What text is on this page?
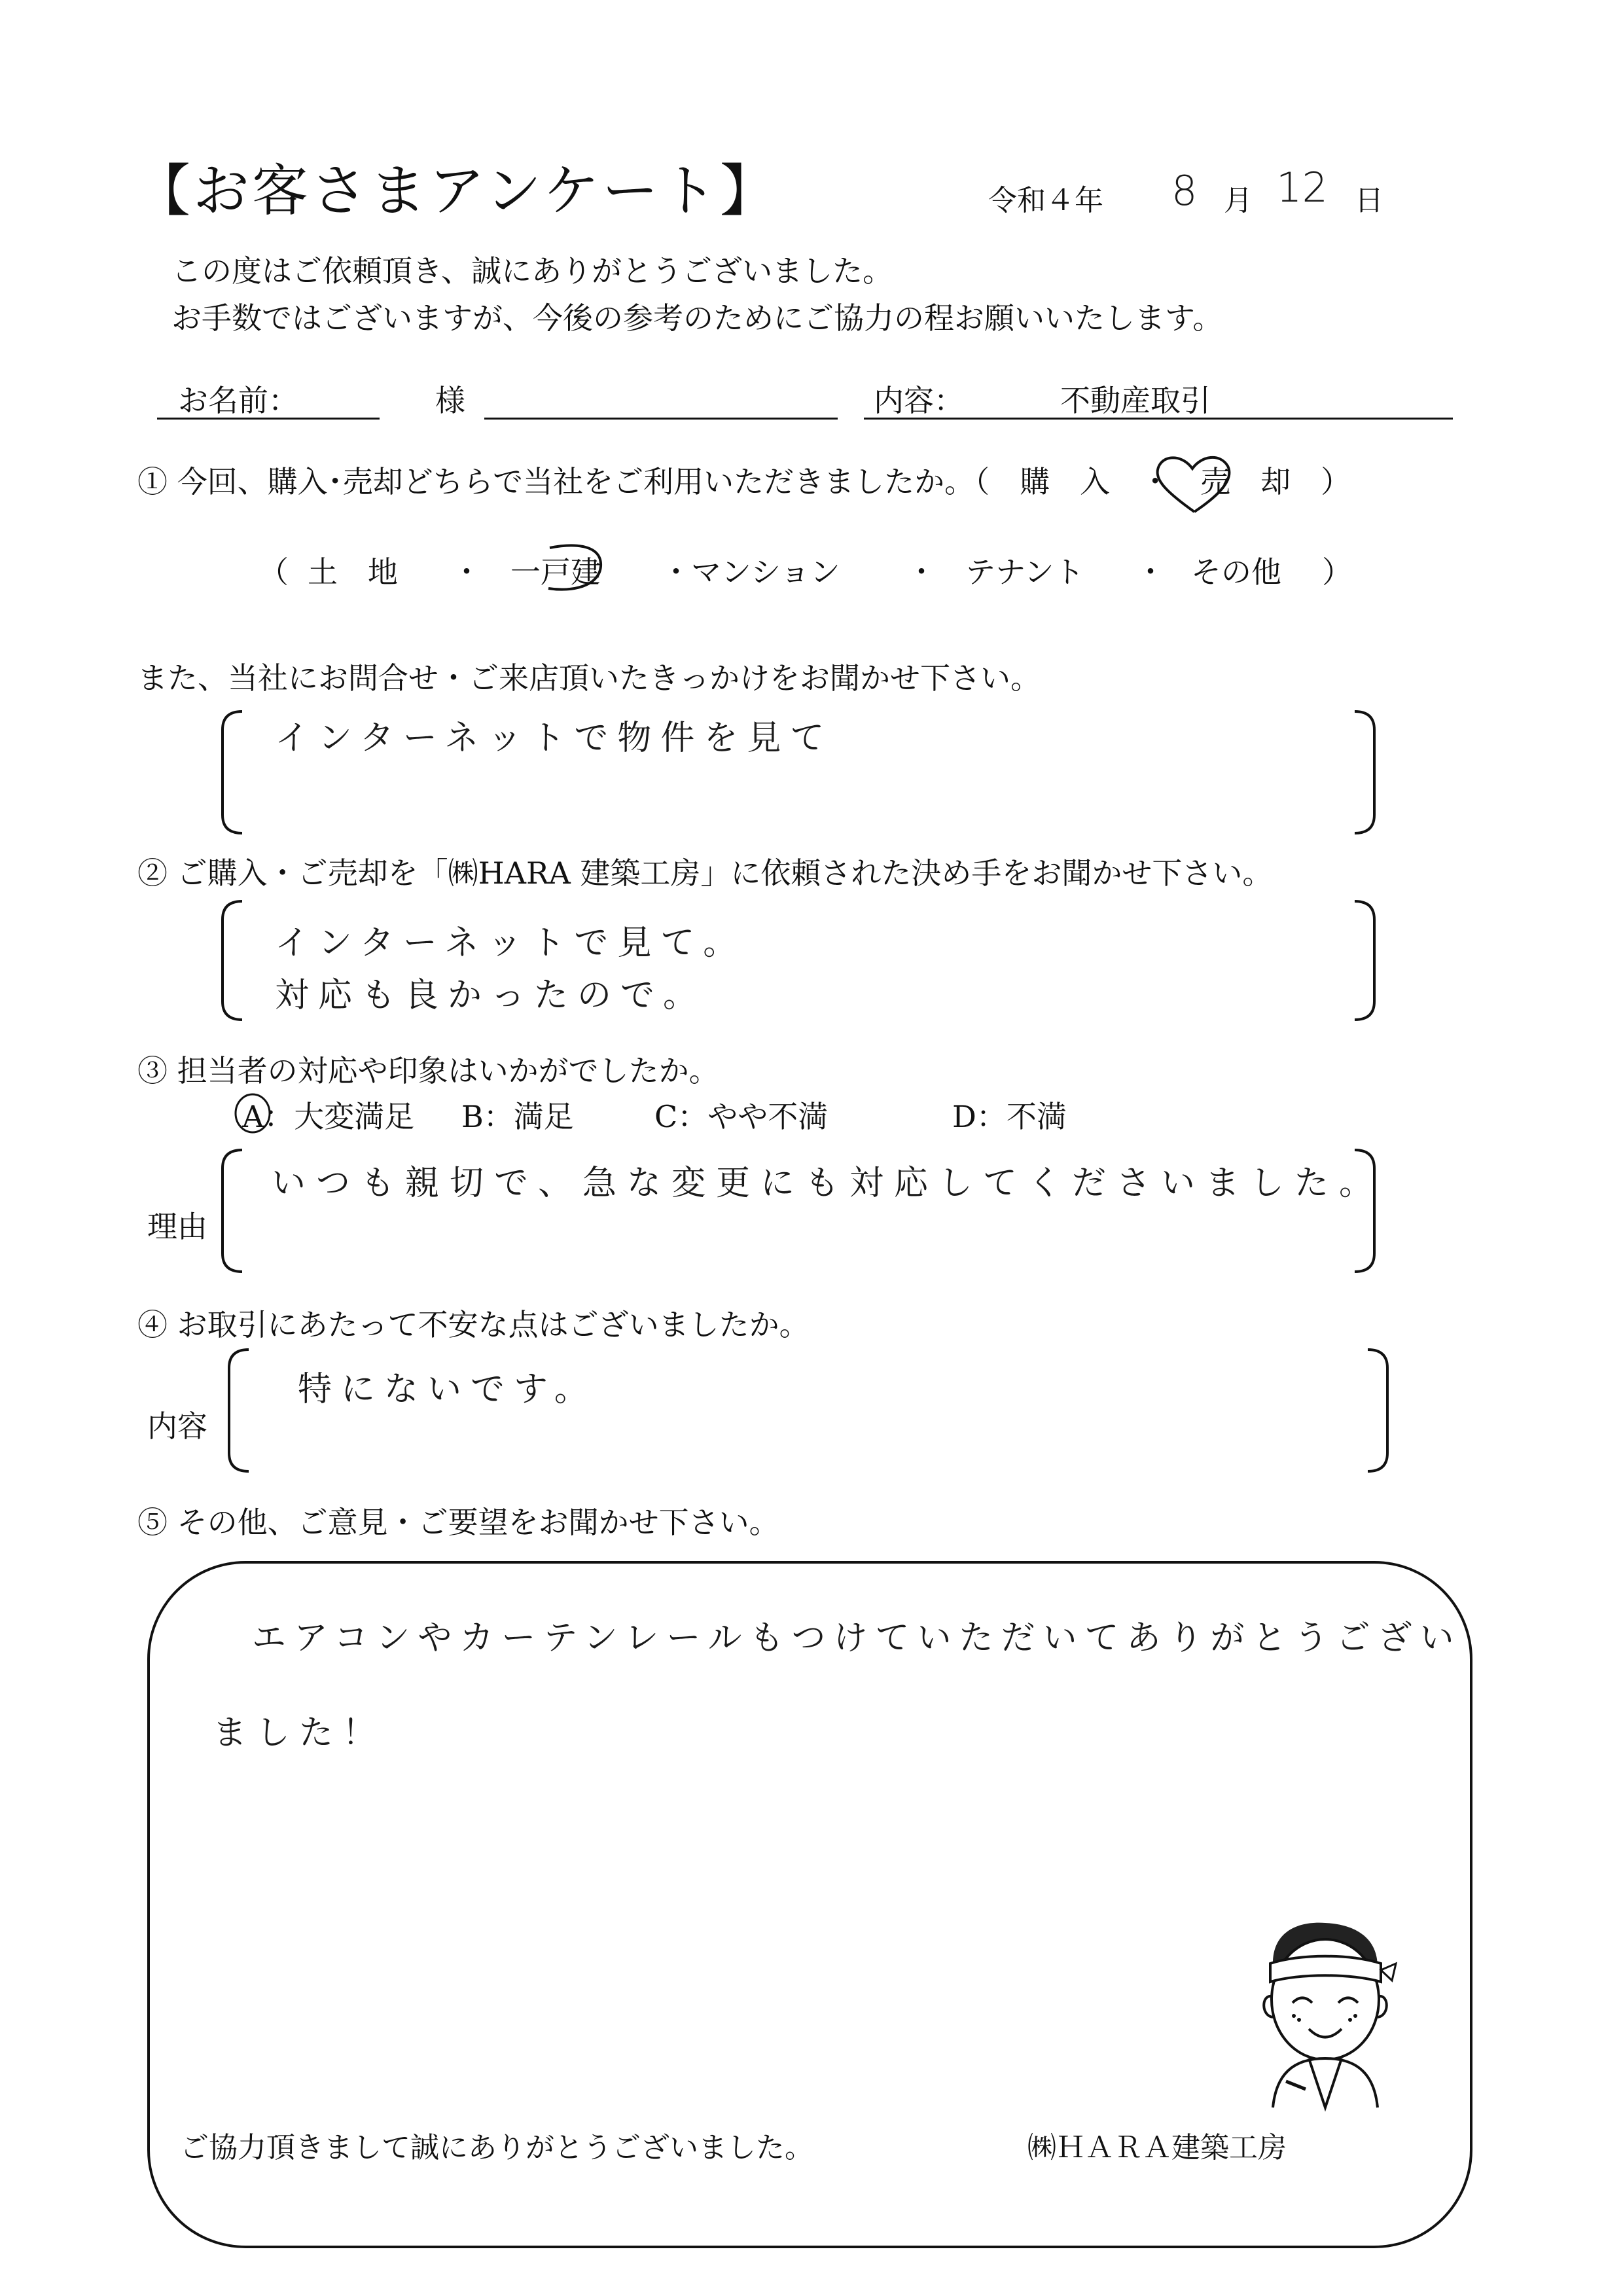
【お客さまアンケート】	令和４年 8 月 12 日
この度はご依頼頂き、誠にありがとうございました。
お手数ではございますが、今後の参考のためにご協力の程お願いいたします。
お名前：	様	内容：	不動産取引
① 今回、購入･売却どちらで当社をご利用いただきましたか。（　購　入　・　売　却　）
（ 土　地 ・ 一戸建 ・マンション ・ テナント ・ その他 ）
また、当社にお問合せ・ご来店頂いたきっかけをお聞かせ下さい。
インターネットで物件を見て
② ご購入・ご売却を「㈱HARA 建築工房」に依頼された決め手をお聞かせ下さい。
インターネットで見て。
対応も良かったので。
③ 担当者の対応や印象はいかがでしたか。
A：大変満足 B：満足	C：やや不満	D：不満
理由
いつも親切で、急な変更にも対応してくださいました。
④ お取引にあたって不安な点はございましたか。
内容
特にないです。
⑤ その他、ご意見・ご要望をお聞かせ下さい。
エアコンやカーテンレールもつけていただいてありがとうござい
ました！
ご協力頂きまして誠にありがとうございました。	㈱ＨＡＲＡ建築工房
